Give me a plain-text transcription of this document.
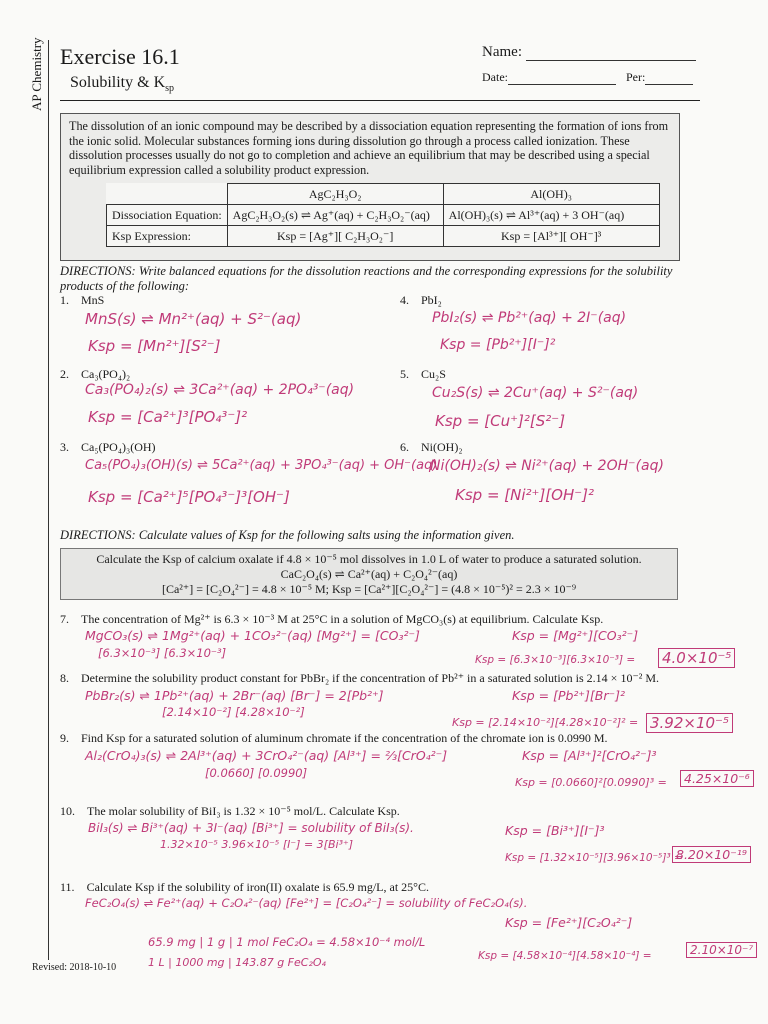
AP Chemistry Exercise 16.1
Solubility & $K_{sp}$
Name:
Date:	Per:
The dissolution of an ionic compound may be described by a dissociation equation representing the formation of ions from the ionic solid. Molecular substances forming ions during dissolution go through a process called ionization. These dissolution processes usually do not go to completion and achieve an equilibrium that may be described using a special equilibrium expression called a solubility product expression.
	AgC₂H₃O₂	Al(OH)₃
Dissociation Equation:	AgC₂H₃O₂(s) ⇌ Ag⁺(aq) + C₂H₃O₂⁻(aq)	Al(OH)₃(s) ⇌ Al³⁺(aq) + 3 OH⁻(aq)
Ksp Expression:	Ksp = [Ag⁺][ C₂H₃O₂⁻]	Ksp = [Al³⁺][ OH⁻]³
DIRECTIONS: Write balanced equations for the dissolution reactions and the corresponding expressions for the solubility products of the following:
1. MnS
MnS(s) ⇌ Mn²⁺(aq) + S²⁻(aq)
Ksp = [Mn²⁺][S²⁻]
2. Ca₃(PO₄)₂
Ca₃(PO₄)₂(s) ⇌ 3Ca²⁺(aq) + 2PO₄³⁻(aq)
Ksp = [Ca²⁺]³[PO₄³⁻]²
3. Ca₅(PO₄)₃(OH)
Ca₅(PO₄)₃(OH)(s) ⇌ 5Ca²⁺(aq) + 3PO₄³⁻(aq) + OH⁻(aq)
Ksp = [Ca²⁺]⁵[PO₄³⁻]³[OH⁻]
4. PbI₂
PbI₂(s) ⇌ Pb²⁺(aq) + 2I⁻(aq)
Ksp = [Pb²⁺][I⁻]²
5. Cu₂S
Cu₂S(s) ⇌ 2Cu⁺(aq) + S²⁻(aq)
Ksp = [Cu⁺]²[S²⁻]
6. Ni(OH)₂
Ni(OH)₂(s) ⇌ Ni²⁺(aq) + 2OH⁻(aq)
Ksp = [Ni²⁺][OH⁻]²
DIRECTIONS: Calculate values of Ksp for the following salts using the information given.
Calculate the Ksp of calcium oxalate if 4.8 × 10⁻⁵ mol dissolves in 1.0 L of water to produce a saturated solution.
CaC₂O₄(s) ⇌ Ca²⁺(aq) + C₂O₄²⁻(aq)
[Ca²⁺] = [C₂O₄²⁻] = 4.8 × 10⁻⁵ M; Ksp = [Ca²⁺][C₂O₄²⁻] = (4.8 × 10⁻⁵)² = 2.3 × 10⁻⁹
7. The concentration of Mg²⁺ is 6.3 × 10⁻³ M at 25°C in a solution of MgCO₃(s) at equilibrium. Calculate Ksp.
MgCO₃(s) ⇌ 1Mg²⁺(aq) + 1CO₃²⁻(aq) [Mg²⁺] = [CO₃²⁻]
[6.3×10⁻³] [6.3×10⁻³]
Ksp = [Mg²⁺][CO₃²⁻]
Ksp = [6.3×10⁻³][6.3×10⁻³] = 4.0×10⁻⁵
8. Determine the solubility product constant for PbBr₂ if the concentration of Pb²⁺ in a saturated solution is 2.14 × 10⁻² M.
PbBr₂(s) ⇌ 1Pb²⁺(aq) + 2Br⁻(aq) [Br⁻] = 2[Pb²⁺]
[2.14×10⁻²] [4.28×10⁻²]
Ksp = [Pb²⁺][Br⁻]²
Ksp = [2.14×10⁻²][4.28×10⁻²]² = 3.92×10⁻⁵
9. Find Ksp for a saturated solution of aluminum chromate if the concentration of the chromate ion is 0.0990 M.
Al₂(CrO₄)₃(s) ⇌ 2Al³⁺(aq) + 3CrO₄²⁻(aq) [Al³⁺] = ⅔[CrO₄²⁻]
[0.0660] [0.0990]
Ksp = [Al³⁺]²[CrO₄²⁻]³
Ksp = [0.0660]²[0.0990]³ =	4.25×10⁻⁶
10. The molar solubility of BiI₃ is 1.32 × 10⁻⁵ mol/L. Calculate Ksp.
BiI₃(s) ⇌ Bi³⁺(aq) + 3I⁻(aq) [Bi³⁺] = solubility of BiI₃(s).
1.32×10⁻⁵ 3.96×10⁻⁵ [I⁻] = 3[Bi³⁺]
Ksp = [Bi³⁺][I⁻]³
Ksp = [1.32×10⁻⁵][3.96×10⁻⁵]³ =
8.20×10⁻¹⁹
11. Calculate Ksp if the solubility of iron(II) oxalate is 65.9 mg/L, at 25°C.
FeC₂O₄(s) ⇌ Fe²⁺(aq) + C₂O₄²⁻(aq) [Fe²⁺] = [C₂O₄²⁻] = solubility of FeC₂O₄(s).
Ksp = [Fe²⁺][C₂O₄²⁻]
65.9 mg | 1 g | 1 mol FeC₂O₄ = 4.58×10⁻⁴ mol/L
1 L | 1000 mg | 143.87 g FeC₂O₄	Ksp = [4.58×10⁻⁴][4.58×10⁻⁴] =	2.10×10⁻⁷
Revised: 2018-10-10
